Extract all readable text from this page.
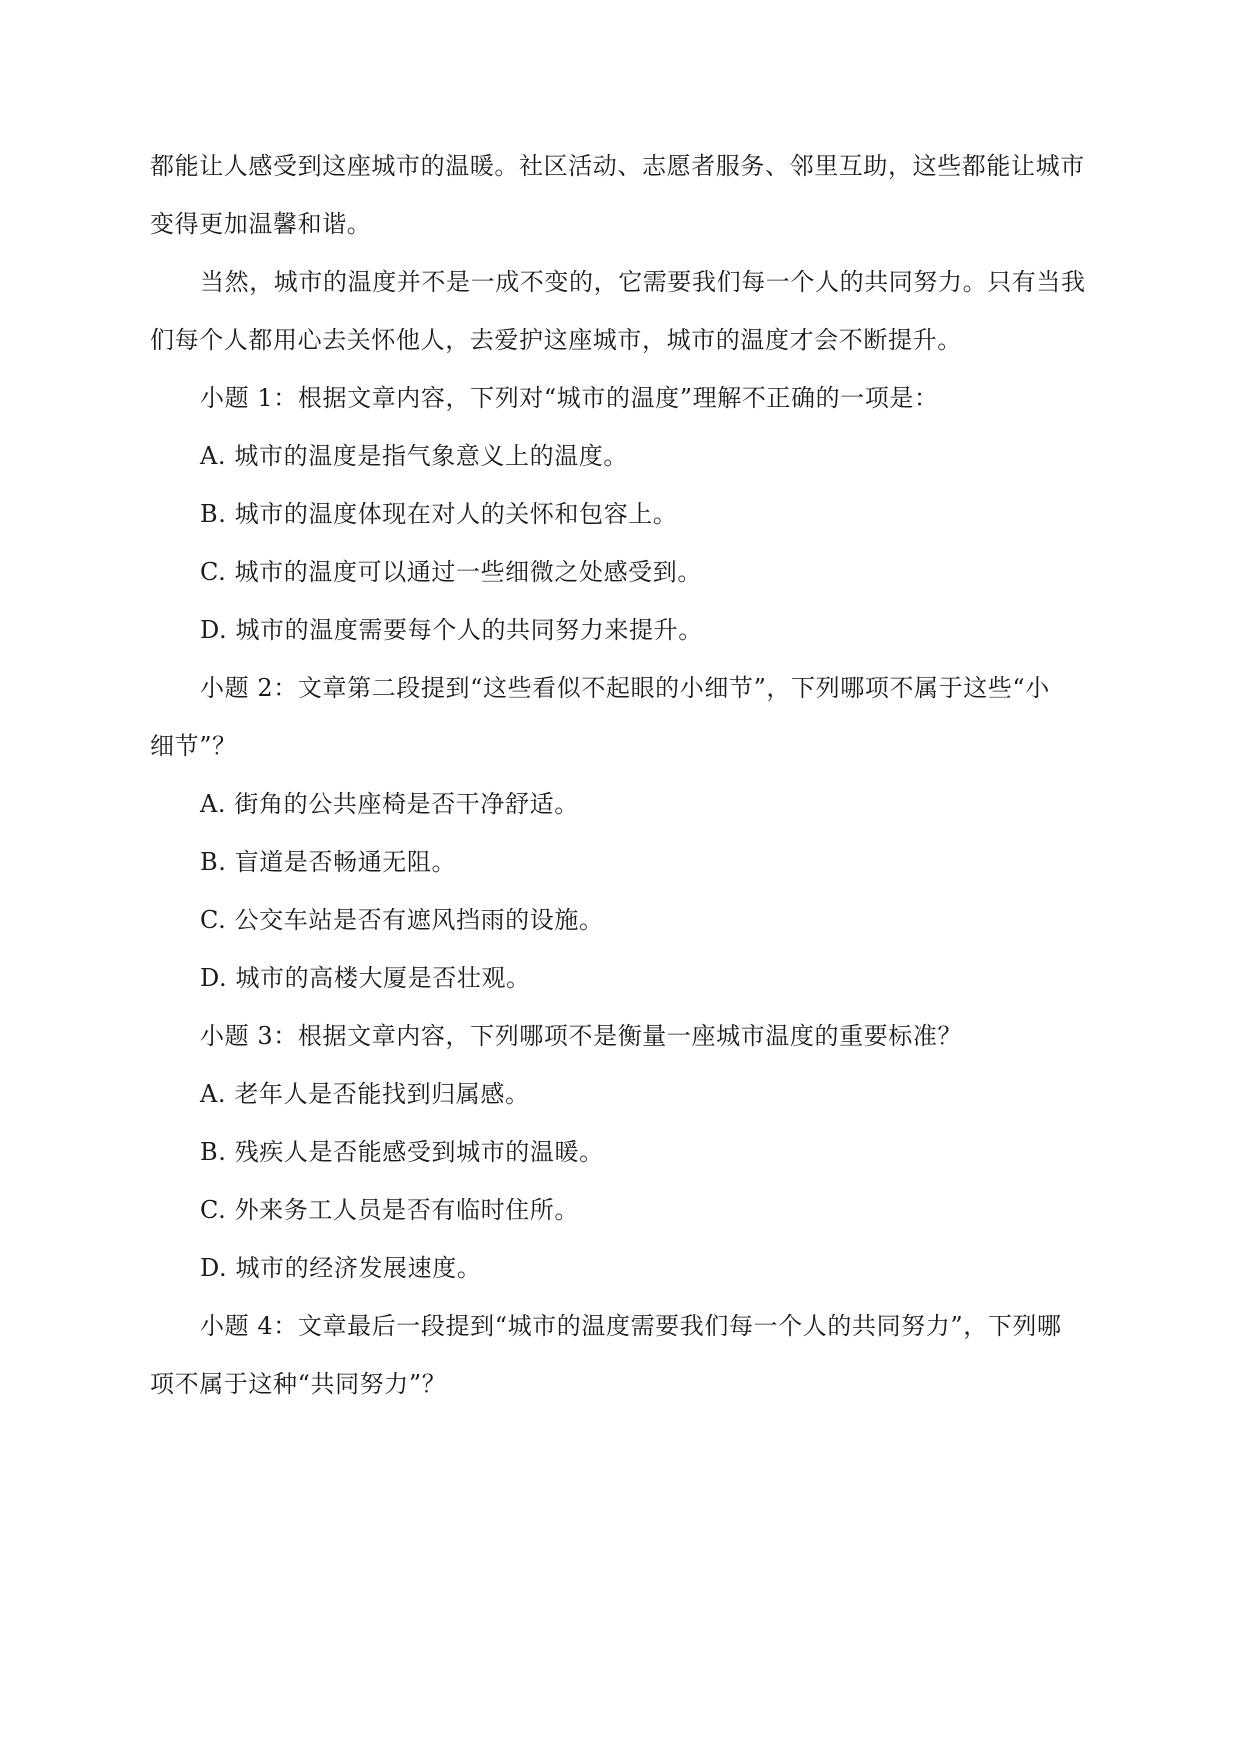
都能让人感受到这座城市的温暖。社区活动、志愿者服务、邻里互助，这些都能让城市
变得更加温馨和谐。
当然，城市的温度并不是一成不变的，它需要我们每一个人的共同努力。只有当我
们每个人都用心去关怀他人，去爱护这座城市，城市的温度才会不断提升。
小题 1：根据文章内容，下列对“城市的温度”理解不正确的一项是：
A. 城市的温度是指气象意义上的温度。
B. 城市的温度体现在对人的关怀和包容上。
C. 城市的温度可以通过一些细微之处感受到。
D. 城市的温度需要每个人的共同努力来提升。
小题 2：文章第二段提到“这些看似不起眼的小细节”，下列哪项不属于这些“小
细节”？
A. 街角的公共座椅是否干净舒适。
B. 盲道是否畅通无阻。
C. 公交车站是否有遮风挡雨的设施。
D. 城市的高楼大厦是否壮观。
小题 3：根据文章内容，下列哪项不是衡量一座城市温度的重要标准？
A. 老年人是否能找到归属感。
B. 残疾人是否能感受到城市的温暖。
C. 外来务工人员是否有临时住所。
D. 城市的经济发展速度。
小题 4：文章最后一段提到“城市的温度需要我们每一个人的共同努力”，下列哪
项不属于这种“共同努力”？
